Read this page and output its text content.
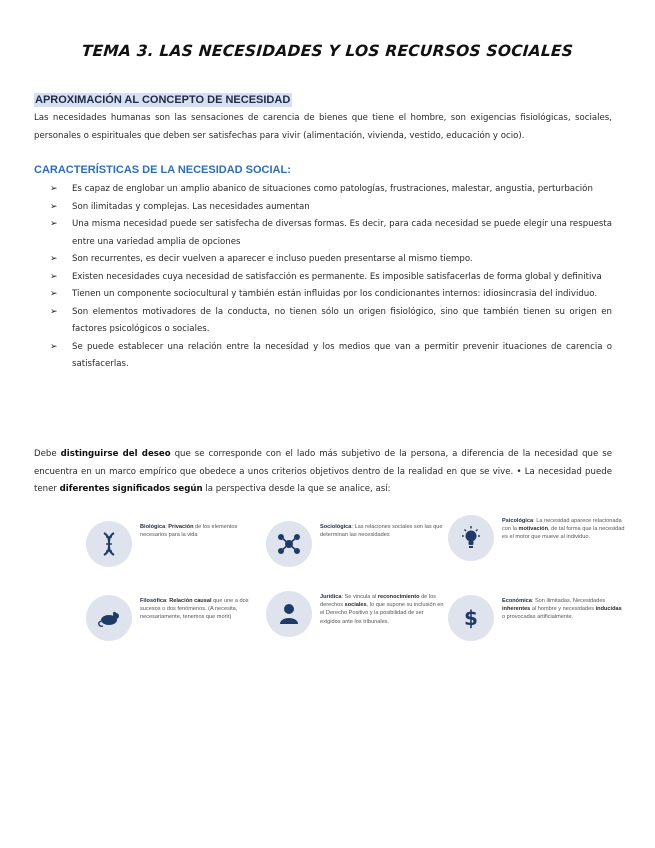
TEMA 3. LAS NECESIDADES Y LOS RECURSOS SOCIALES
APROXIMACIÓN AL CONCEPTO DE NECESIDAD

Las necesidades humanas son las sensaciones de carencia de bienes que tiene el hombre, son exigencias fisiológicas, sociales, personales o espirituales que deben ser satisfechas para vivir (alimentación, vivienda, vestido, educación y ocio).

CARACTERÍSTICAS DE LA NECESIDAD SOCIAL:
➢ Es capaz de englobar un amplio abanico de situaciones como patologías, frustraciones, malestar, angustia, perturbación
➢ Son ilimitadas y complejas. Las necesidades aumentan
➢ Una misma necesidad puede ser satisfecha de diversas formas. Es decir, para cada necesidad se puede elegir una respuesta entre una variedad amplia de opciones
➢ Son recurrentes, es decir vuelven a aparecer e incluso pueden presentarse al mismo tiempo.
➢ Existen necesidades cuya necesidad de satisfacción es permanente. Es imposible satisfacerlas de forma global y definitiva
➢ Tienen un componente sociocultural y también están influidas por los condicionantes internos: idiosincrasia del individuo.
➢ Son elementos motivadores de la conducta, no tienen sólo un origen fisiológico, sino que también tienen su origen en factores psicológicos o sociales.
➢ Se puede establecer una relación entre la necesidad y los medios que van a permitir prevenir ituaciones de carencia o satisfacerlas.

Debe distinguirse del deseo que se corresponde con el lado más subjetivo de la persona, a diferencia de la necesidad que se encuentra en un marco empírico que obedece a unos criterios objetivos dentro de la realidad en que se vive. • La necesidad puede tener diferentes significados según la perspectiva desde la que se analice, así:

Biológica: Privación de los elementos necesarios para la vida
Sociológica: Las relaciones sociales son las que determinan las necesidades
Psicológica: La necesidad aparece relacionada con la motivación, de tal forma que la necesidad es el motor que mueve al individuo.
Filosófica: Relación causal que une a dos sucesos o dos fenómenos. (A necesita, necesariamente, tenemos que morir)
Jurídica: Se vincula al reconocimiento de los derechos sociales, lo que supone su inclusión en el Derecho Positivo y la posibilidad de ser exigidos ante los tribunales.	$
Económica: Son ilimitadas. Necesidades inherentes al hombre y necesidades inducidas o provocadas artificialmente.
